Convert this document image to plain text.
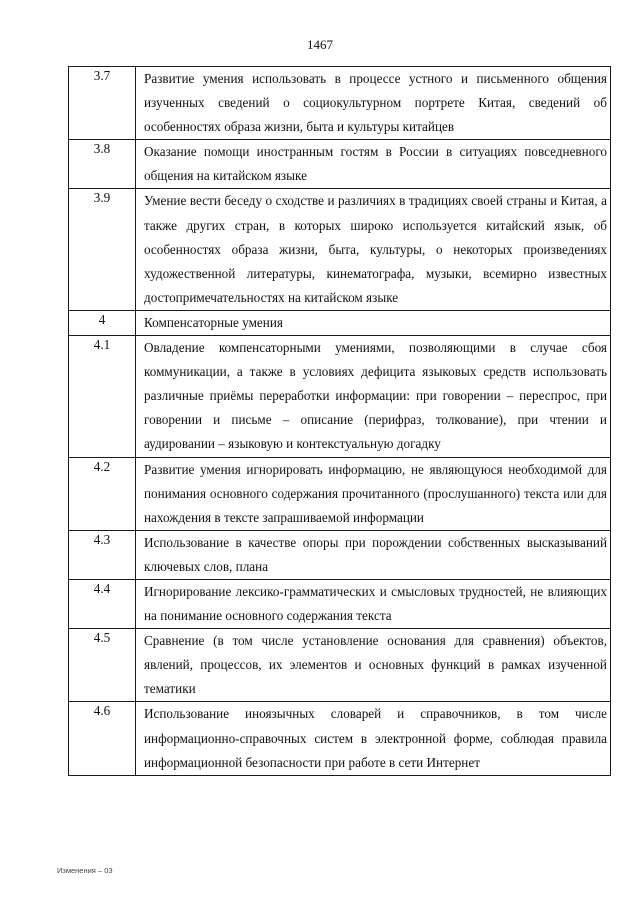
1467
3.7	Развитие умения использовать в процессе устного и письменного общения изученных сведений о социокультурном портрете Китая, сведений об особенностях образа жизни, быта и культуры китайцев
3.8	Оказание помощи иностранным гостям в России в ситуациях повседневного общения на китайском языке
3.9	Умение вести беседу о сходстве и различиях в традициях своей страны и Китая, а также других стран, в которых широко используется китайский язык, об особенностях образа жизни, быта, культуры, о некоторых произведениях художественной литературы, кинематографа, музыки, всемирно известных достопримечательностях на китайском языке
4	Компенсаторные умения
4.1	Овладение компенсаторными умениями, позволяющими в случае сбоя коммуникации, а также в условиях дефицита языковых средств использовать различные приёмы переработки информации: при говорении – переспрос, при говорении и письме – описание (перифраз, толкование), при чтении и аудировании – языковую и контекстуальную догадку
4.2	Развитие умения игнорировать информацию, не являющуюся необходимой для понимания основного содержания прочитанного (прослушанного) текста или для нахождения в тексте запрашиваемой информации
4.3	Использование в качестве опоры при порождении собственных высказываний ключевых слов, плана
4.4	Игнорирование лексико-грамматических и смысловых трудностей, не влияющих на понимание основного содержания текста
4.5	Сравнение (в том числе установление основания для сравнения) объектов, явлений, процессов, их элементов и основных функций в рамках изученной тематики
4.6	Использование иноязычных словарей и справочников, в том числе информационно-справочных систем в электронной форме, соблюдая правила информационной безопасности при работе в сети Интернет
Изменения – 03
